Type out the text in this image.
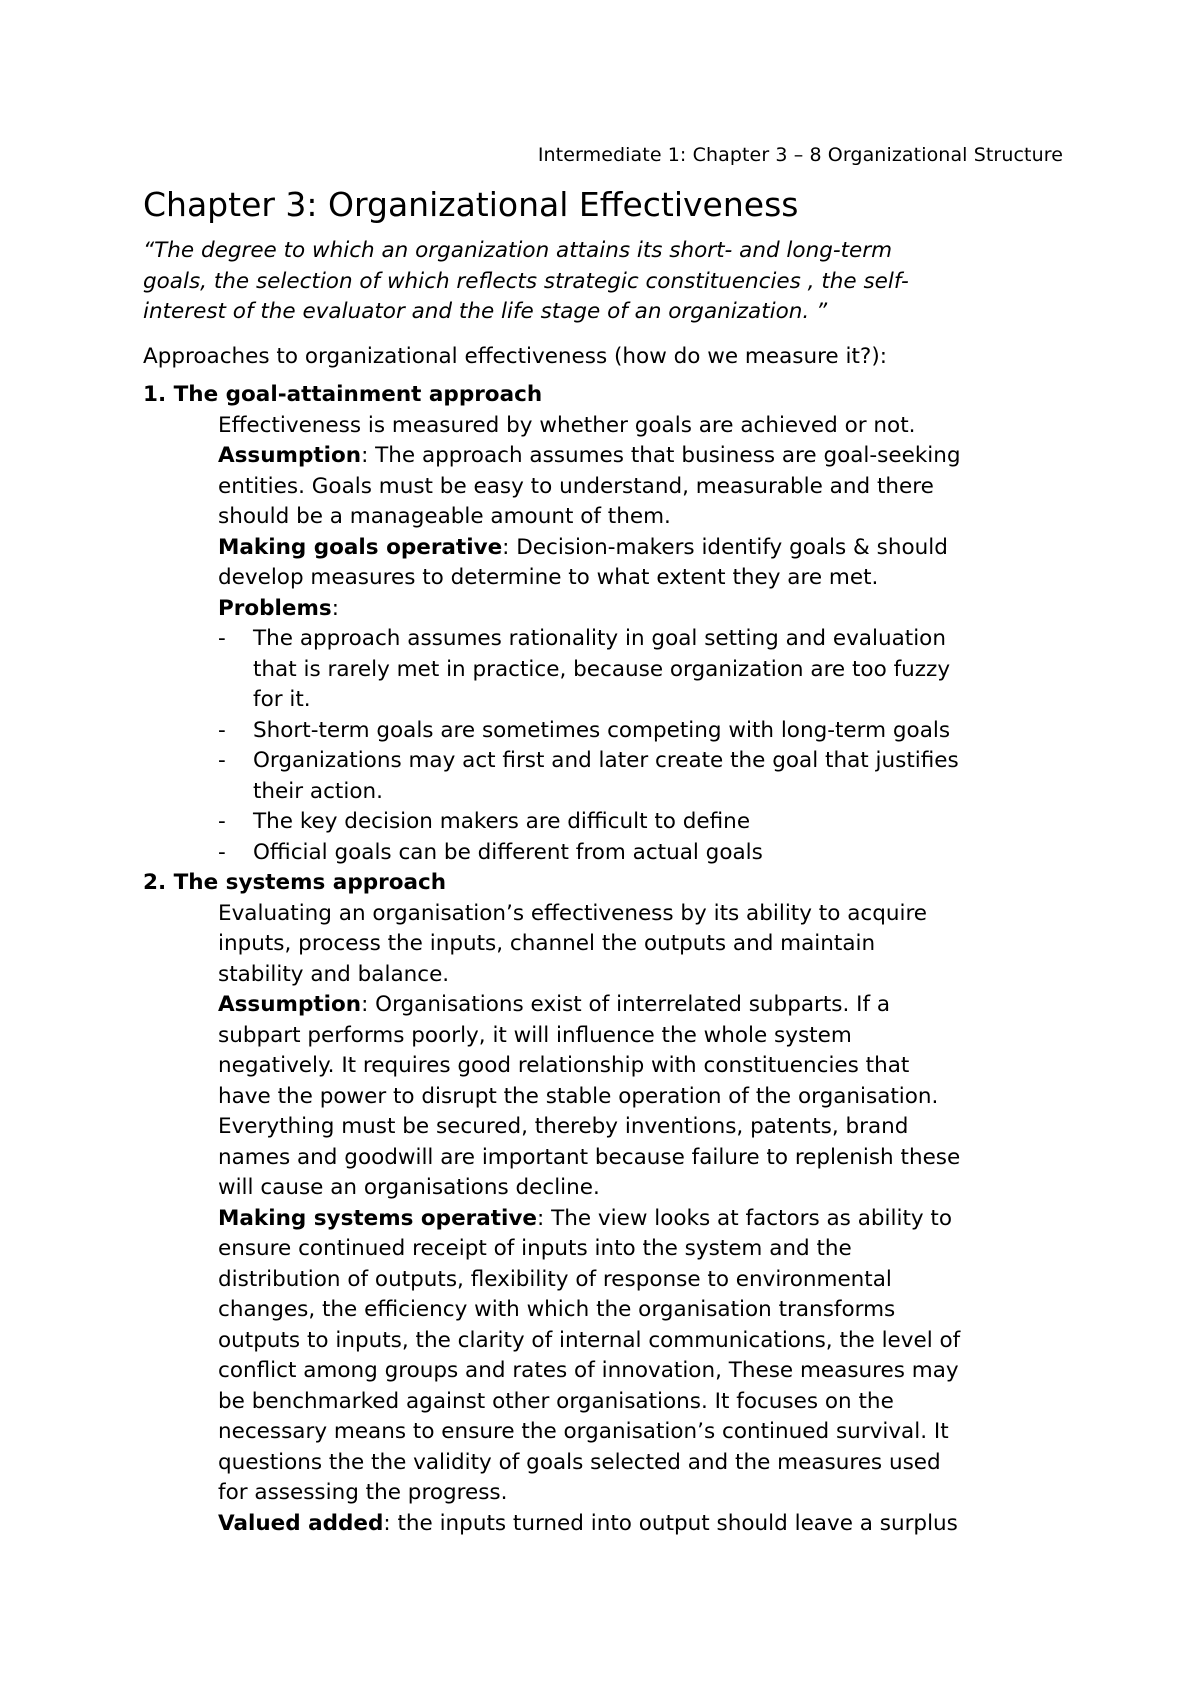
Intermediate 1: Chapter 3 – 8 Organizational Structure
Chapter 3: Organizational Effectiveness
“The degree to which an organization attains its short- and long-term
goals, the selection of which reflects strategic constituencies , the self-
interest of the evaluator and the life stage of an organization. ”
Approaches to organizational effectiveness (how do we measure it?):
1. The goal-attainment approach
Effectiveness is measured by whether goals are achieved or not.
Assumption: The approach assumes that business are goal-seeking
entities. Goals must be easy to understand, measurable and there
should be a manageable amount of them.
Making goals operative: Decision-makers identify goals & should
develop measures to determine to what extent they are met.
Problems:
- The approach assumes rationality in goal setting and evaluation
that is rarely met in practice, because organization are too fuzzy
for it.
- Short-term goals are sometimes competing with long-term goals
- Organizations may act first and later create the goal that justifies
their action.
- The key decision makers are difficult to define
- Official goals can be different from actual goals
2. The systems approach
Evaluating an organisation’s effectiveness by its ability to acquire
inputs, process the inputs, channel the outputs and maintain
stability and balance.
Assumption: Organisations exist of interrelated subparts. If a
subpart performs poorly, it will influence the whole system
negatively. It requires good relationship with constituencies that
have the power to disrupt the stable operation of the organisation.
Everything must be secured, thereby inventions, patents, brand
names and goodwill are important because failure to replenish these
will cause an organisations decline.
Making systems operative: The view looks at factors as ability to
ensure continued receipt of inputs into the system and the
distribution of outputs, flexibility of response to environmental
changes, the efficiency with which the organisation transforms
outputs to inputs, the clarity of internal communications, the level of
conflict among groups and rates of innovation, These measures may
be benchmarked against other organisations. It focuses on the
necessary means to ensure the organisation’s continued survival. It
questions the the validity of goals selected and the measures used
for assessing the progress.
Valued added: the inputs turned into output should leave a surplus
